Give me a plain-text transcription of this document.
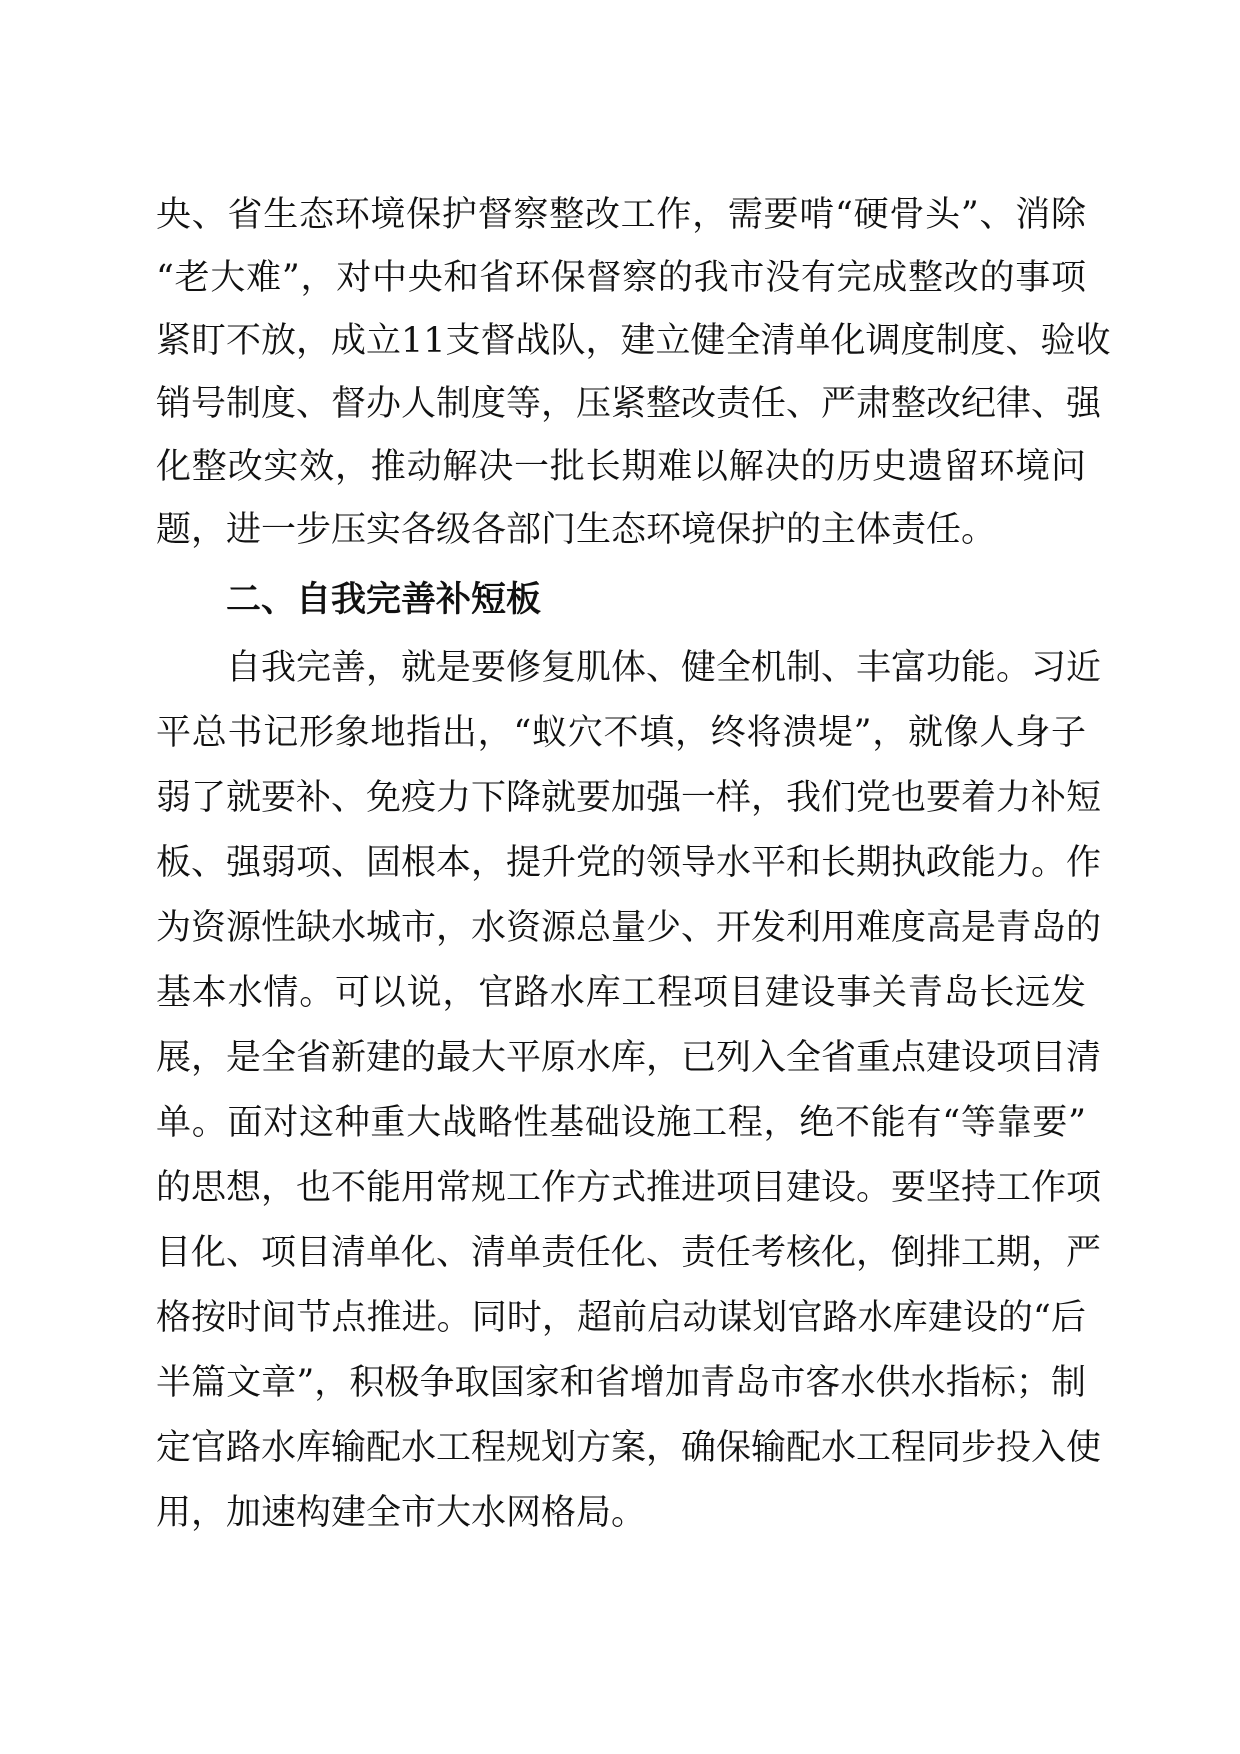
央、省生态环境保护督察整改工作，需要啃“硬骨头”、消除
“老大难”，对中央和省环保督察的我市没有完成整改的事项
紧盯不放，成立11支督战队，建立健全清单化调度制度、验收
销号制度、督办人制度等，压紧整改责任、严肃整改纪律、强
化整改实效，推动解决一批长期难以解决的历史遗留环境问
题，进一步压实各级各部门生态环境保护的主体责任。
二、自我完善补短板
自我完善，就是要修复肌体、健全机制、丰富功能。习近
平总书记形象地指出，“蚁穴不填，终将溃堤”，就像人身子
弱了就要补、免疫力下降就要加强一样，我们党也要着力补短
板、强弱项、固根本，提升党的领导水平和长期执政能力。作
为资源性缺水城市，水资源总量少、开发利用难度高是青岛的
基本水情。可以说，官路水库工程项目建设事关青岛长远发
展，是全省新建的最大平原水库，已列入全省重点建设项目清
单。面对这种重大战略性基础设施工程，绝不能有“等靠要”
的思想，也不能用常规工作方式推进项目建设。要坚持工作项
目化、项目清单化、清单责任化、责任考核化，倒排工期，严
格按时间节点推进。同时，超前启动谋划官路水库建设的“后
半篇文章”，积极争取国家和省增加青岛市客水供水指标；制
定官路水库输配水工程规划方案，确保输配水工程同步投入使
用，加速构建全市大水网格局。
